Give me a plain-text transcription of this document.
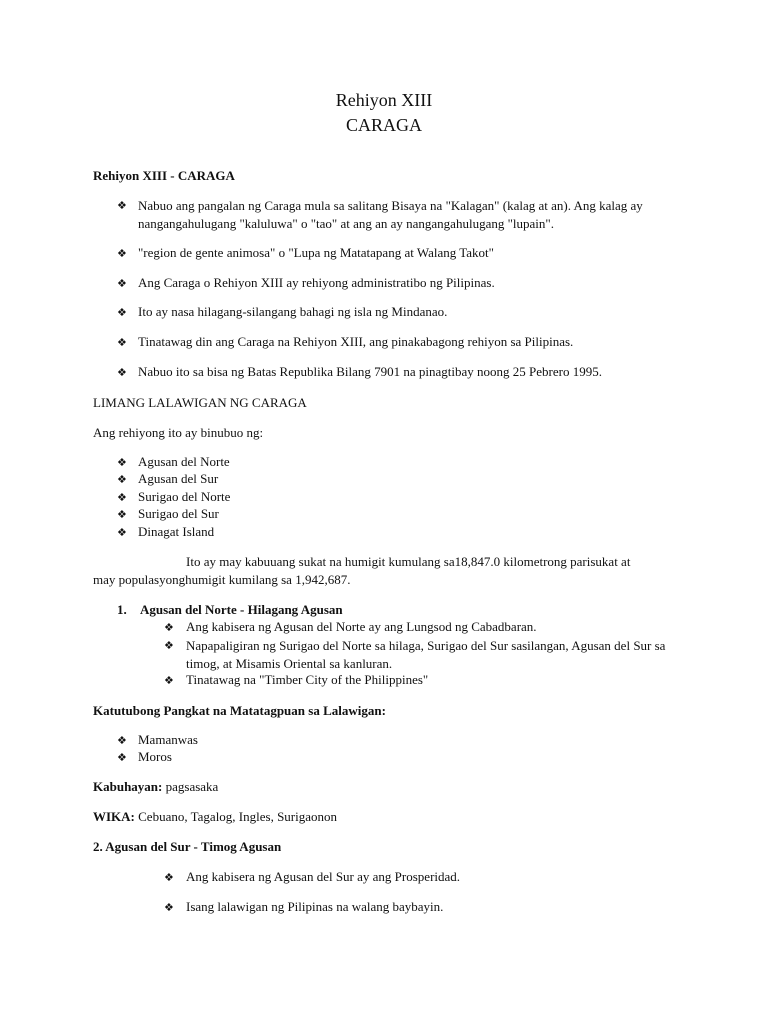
Rehiyon XIII
CARAGA
Rehiyon XIII - CARAGA
❖ Nabuo ang pangalan ng Caraga mula sa salitang Bisaya na "Kalagan" (kalag at an). Ang kalag ay nangangahulugang "kaluluwa" o "tao" at ang an ay nangangahulugang "lupain".
❖ "region de gente animosa" o "Lupa ng Matatapang at Walang Takot"
❖ Ang Caraga o Rehiyon XIII ay rehiyong administratibo ng Pilipinas.
❖ Ito ay nasa hilagang-silangang bahagi ng isla ng Mindanao.
❖ Tinatawag din ang Caraga na Rehiyon XIII, ang pinakabagong rehiyon sa Pilipinas.
❖ Nabuo ito sa bisa ng Batas Republika Bilang 7901 na pinagtibay noong 25 Pebrero 1995.
LIMANG LALAWIGAN NG CARAGA
Ang rehiyong ito ay binubuo ng:
❖ Agusan del Norte
❖ Agusan del Sur
❖ Surigao del Norte
❖ Surigao del Sur
❖ Dinagat Island
Ito ay may kabuuang sukat na humigit kumulang sa18,847.0 kilometrong parisukat at
may populasyonghumigit kumilang sa 1,942,687.
1. Agusan del Norte - Hilagang Agusan
❖ Ang kabisera ng Agusan del Norte ay ang Lungsod ng Cabadbaran.
❖ Napapaligiran ng Surigao del Norte sa hilaga, Surigao del Sur sasilangan, Agusan del Sur sa timog, at Misamis Oriental sa kanluran.
❖ Tinatawag na "Timber City of the Philippines"
Katutubong Pangkat na Matatagpuan sa Lalawigan:
❖ Mamanwas
❖ Moros
Kabuhayan: pagsasaka
WIKA: Cebuano, Tagalog, Ingles, Surigaonon
2. Agusan del Sur - Timog Agusan
❖ Ang kabisera ng Agusan del Sur ay ang Prosperidad.
❖ Isang lalawigan ng Pilipinas na walang baybayin.
